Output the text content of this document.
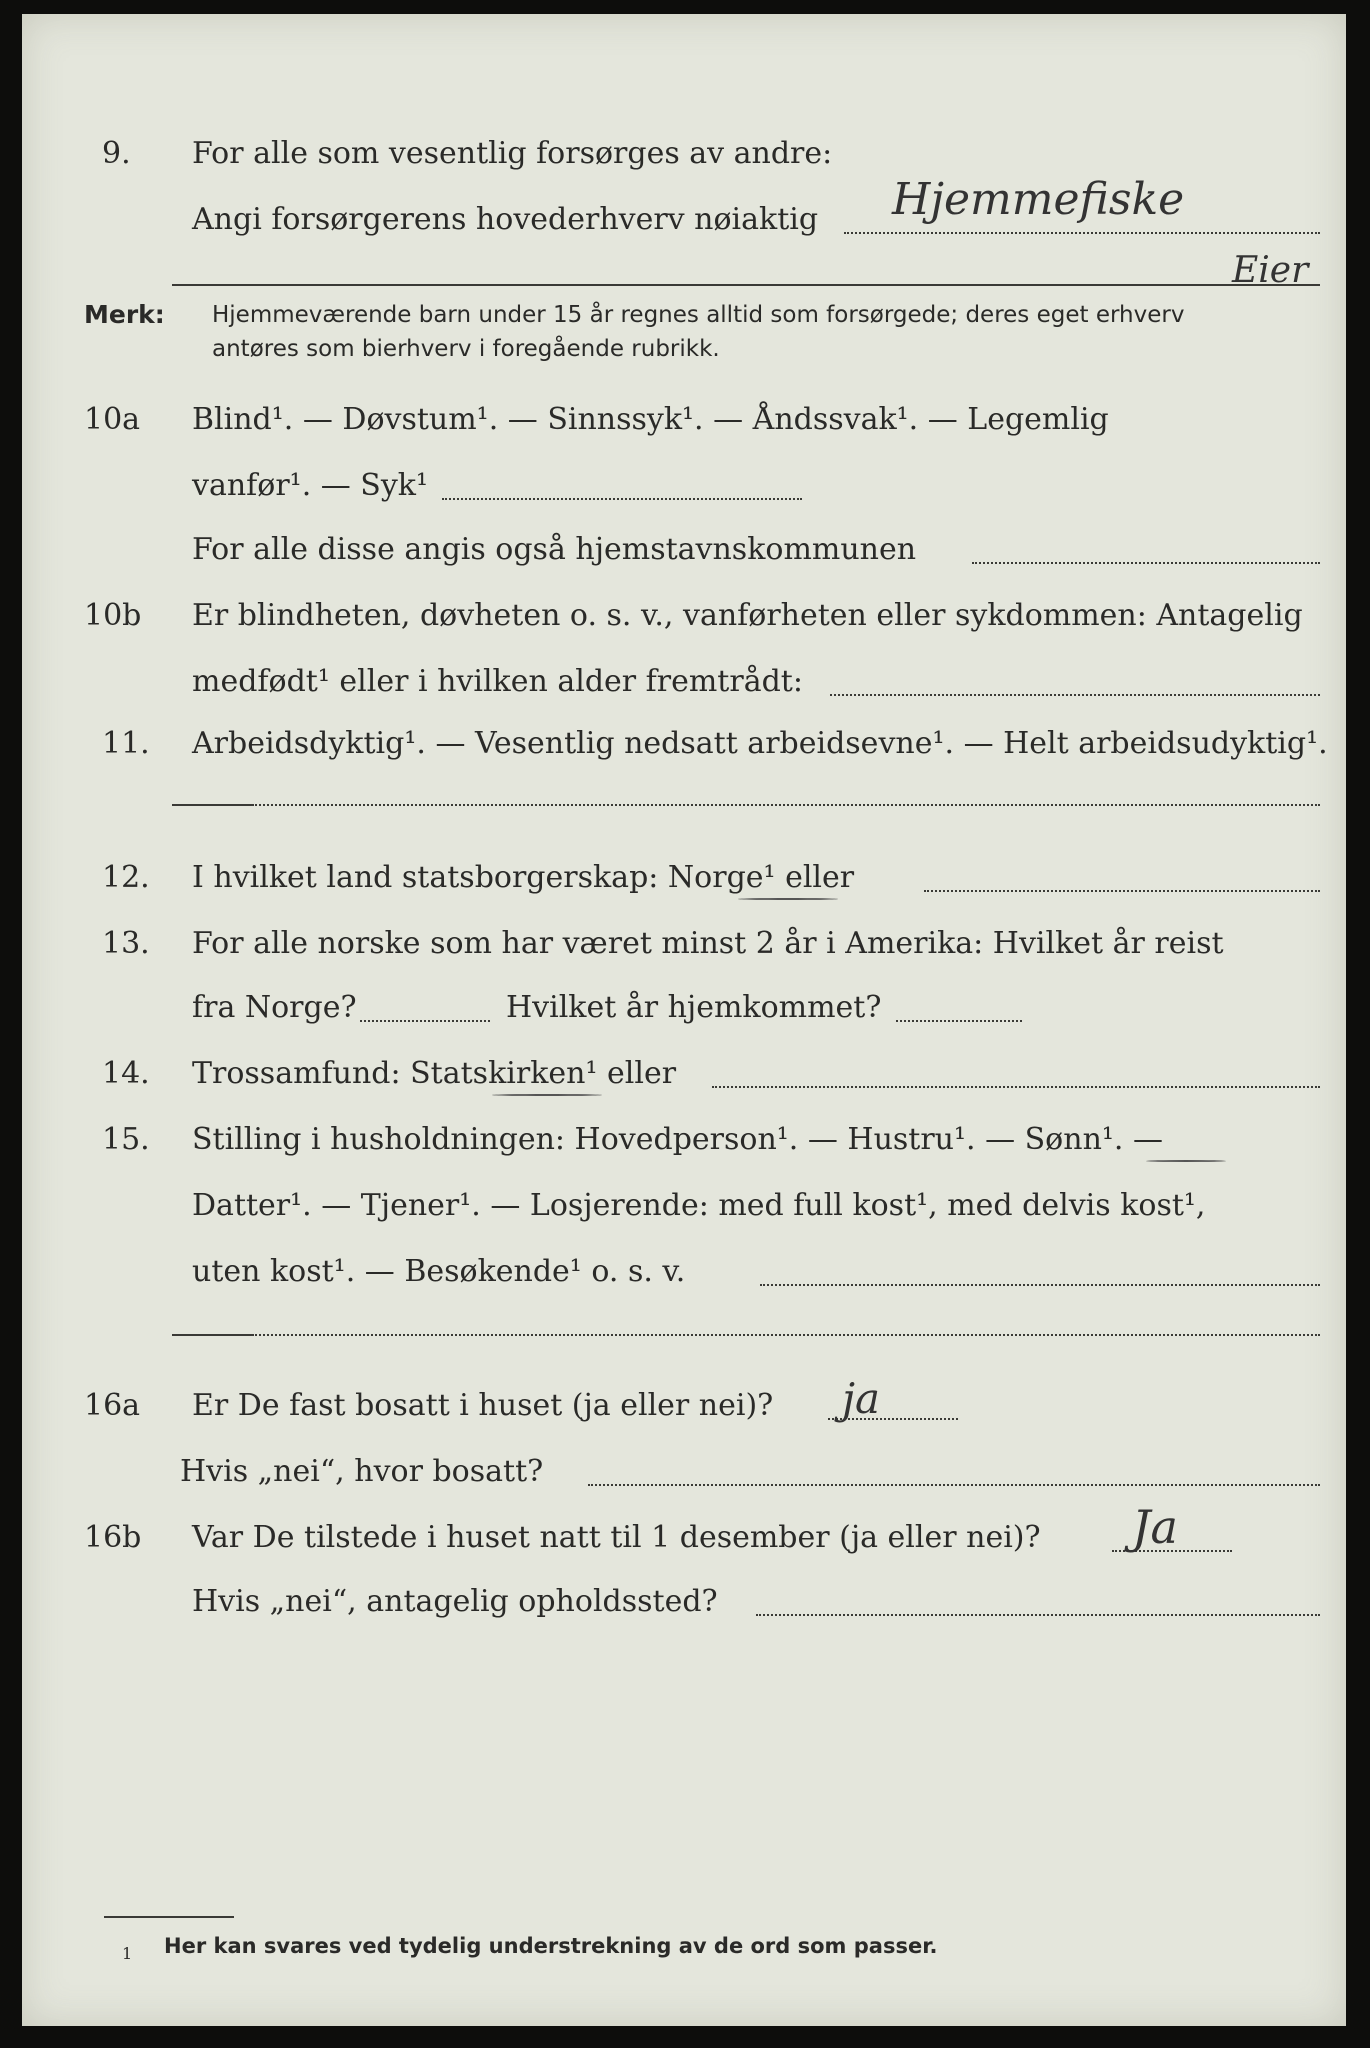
9. For alle som vesentlig forsørges av andre:
Angi forsørgerens hovederhverv nøiaktig Hjemmefiske
Eier
Merk: Hjemmeværende barn under 15 år regnes alltid som forsørgede; deres eget erhverv
antøres som bierhverv i foregående rubrikk.
10a Blind¹. — Døvstum¹. — Sinnssyk¹. — Åndssvak¹. — Legemlig
vanfør¹. — Syk¹
For alle disse angis også hjemstavnskommunen
10b Er blindheten, døvheten o. s. v., vanførheten eller sykdommen: Antagelig
medfødt¹ eller i hvilken alder fremtrådt:
11. Arbeidsdyktig¹. — Vesentlig nedsatt arbeidsevne¹. — Helt arbeidsudyktig¹.
12. I hvilket land statsborgerskap: Norge¹ eller
13. For alle norske som har været minst 2 år i Amerika: Hvilket år reist
fra Norge?	Hvilket år hjemkommet?
14. Trossamfund: Statskirken¹ eller
15. Stilling i husholdningen: Hovedperson¹. — Hustru¹. — Sønn¹. —
Datter¹. — Tjener¹. — Losjerende: med full kost¹, med delvis kost¹,
uten kost¹. — Besøkende¹ o. s. v.
16a Er De fast bosatt i huset (ja eller nei)? ja
Hvis „nei“, hvor bosatt?
16b Var De tilstede i huset natt til 1 desember (ja eller nei)? Ja
Hvis „nei“, antagelig opholdssted?
1 Her kan svares ved tydelig understrekning av de ord som passer.
